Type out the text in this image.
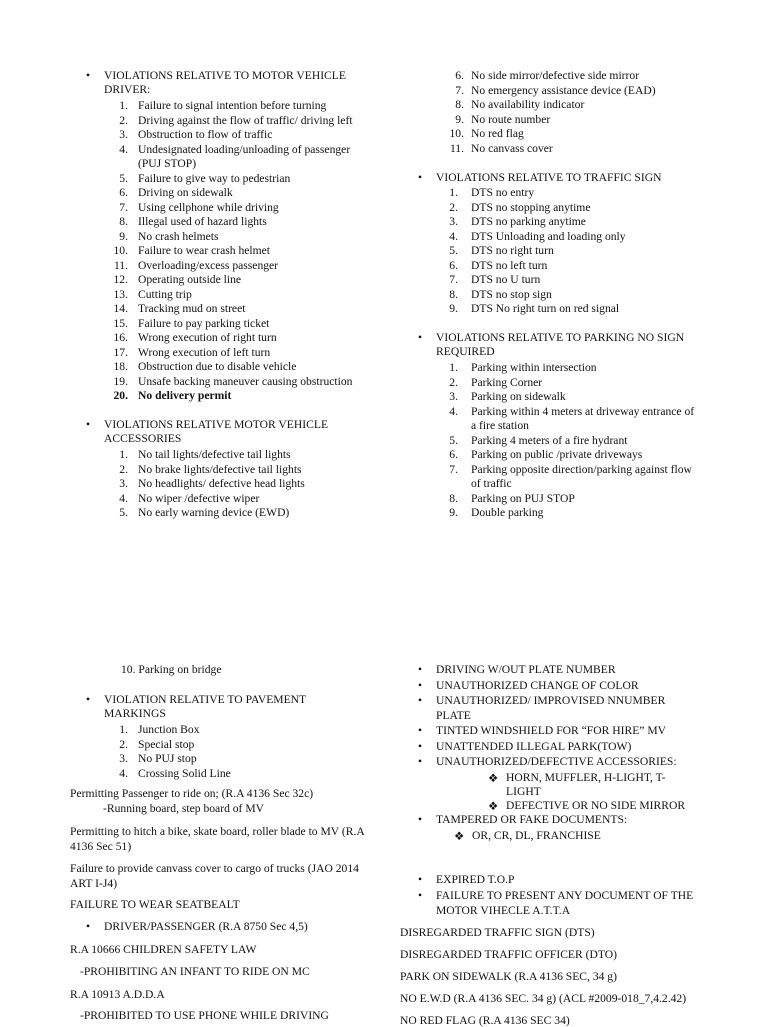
• VIOLATIONS RELATIVE TO MOTOR VEHICLE
DRIVER:
1. Failure to signal intention before turning
2. Driving against the flow of traffic/ driving left
3. Obstruction to flow of traffic
4. Undesignated loading/unloading of passenger
5. Failure to give way to pedestrian
6. Driving on sidewalk
7. Using cellphone while driving
8. Illegal used of hazard lights
9. No crash helmets
10. Failure to wear crash helmet
11. Overloading/excess passenger
12. Operating outside line
13. Cutting trip
14. Tracking mud on street
15. Failure to pay parking ticket
16. Wrong execution of right turn
17. Wrong execution of left turn
18. Obstruction due to disable vehicle
19. Unsafe backing maneuver causing obstruction
20. No delivery permit
(PUJ STOP)
• VIOLATIONS RELATIVE MOTOR VEHICLE
ACCESSORIES
1. No tail lights/defective tail lights
2. No brake lights/defective tail lights
3. No headlights/ defective head lights
4. No wiper /defective wiper
5. No early warning device (EWD)
6. No side mirror/defective side mirror
7. No emergency assistance device (EAD)
8. No availability indicator
9. No route number
10. No red flag
11. No canvass cover
• VIOLATIONS RELATIVE TO TRAFFIC SIGN
1. DTS no entry
2. DTS no stopping anytime
3. DTS no parking anytime
4. DTS Unloading and loading only
5. DTS no right turn
6. DTS no left turn
7. DTS no U turn
8. DTS no stop sign
9. DTS No right turn on red signal
• VIOLATIONS RELATIVE TO PARKING NO SIGN
REQUIRED
1. Parking within intersection
2. Parking Corner
3. Parking on sidewalk
4. Parking within 4 meters at driveway entrance of
5. Parking 4 meters of a fire hydrant
6. Parking on public /private driveways
7. Parking opposite direction/parking against flow
8. Parking on PUJ STOP
9. Double parking
a fire station
of traffic
10. Parking on bridge
• VIOLATION RELATIVE TO PAVEMENT
MARKINGS
1. Junction Box
2. Special stop
3. No PUJ stop
4. Crossing Solid Line
Permitting Passenger to ride on; (R.A 4136 Sec 32c)
-Running board, step board of MV
Permitting to hitch a bike, skate board, roller blade to MV (R.A
4136 Sec 51)
Failure to provide canvass cover to cargo of trucks (JAO 2014
ART I-J4)
FAILURE TO WEAR SEATBEALT
• DRIVER/PASSENGER (R.A 8750 Sec 4,5)
R.A 10666 CHILDREN SAFETY LAW
-PROHIBITING AN INFANT TO RIDE ON MC
R.A 10913 A.D.D.A
-PROHIBITED TO USE PHONE WHILE DRIVING
• DRIVING W/OUT PLATE NUMBER
• UNAUTHORIZED CHANGE OF COLOR
• UNAUTHORIZED/ IMPROVISED NNUMBER
• TINTED WINDSHIELD FOR “FOR HIRE” MV
• UNATTENDED ILLEGAL PARK(TOW)
• UNAUTHORIZED/DEFECTIVE ACCESSORIES:
• TAMPERED OR FAKE DOCUMENTS:
PLATE
❖ HORN, MUFFLER, H-LIGHT, T-
LIGHT
❖ DEFECTIVE OR NO SIDE MIRROR
❖ OR, CR, DL, FRANCHISE
• EXPIRED T.O.P
• FAILURE TO PRESENT ANY DOCUMENT OF THE
MOTOR VIHECLE A.T.T.A
DISREGARDED TRAFFIC SIGN (DTS)
DISREGARDED TRAFFIC OFFICER (DTO)
PARK ON SIDEWALK (R.A 4136 SEC, 34 g)
NO E.W.D (R.A 4136 SEC. 34 g) (ACL #2009-018_7,4.2.42)
NO RED FLAG (R.A 4136 SEC 34)
